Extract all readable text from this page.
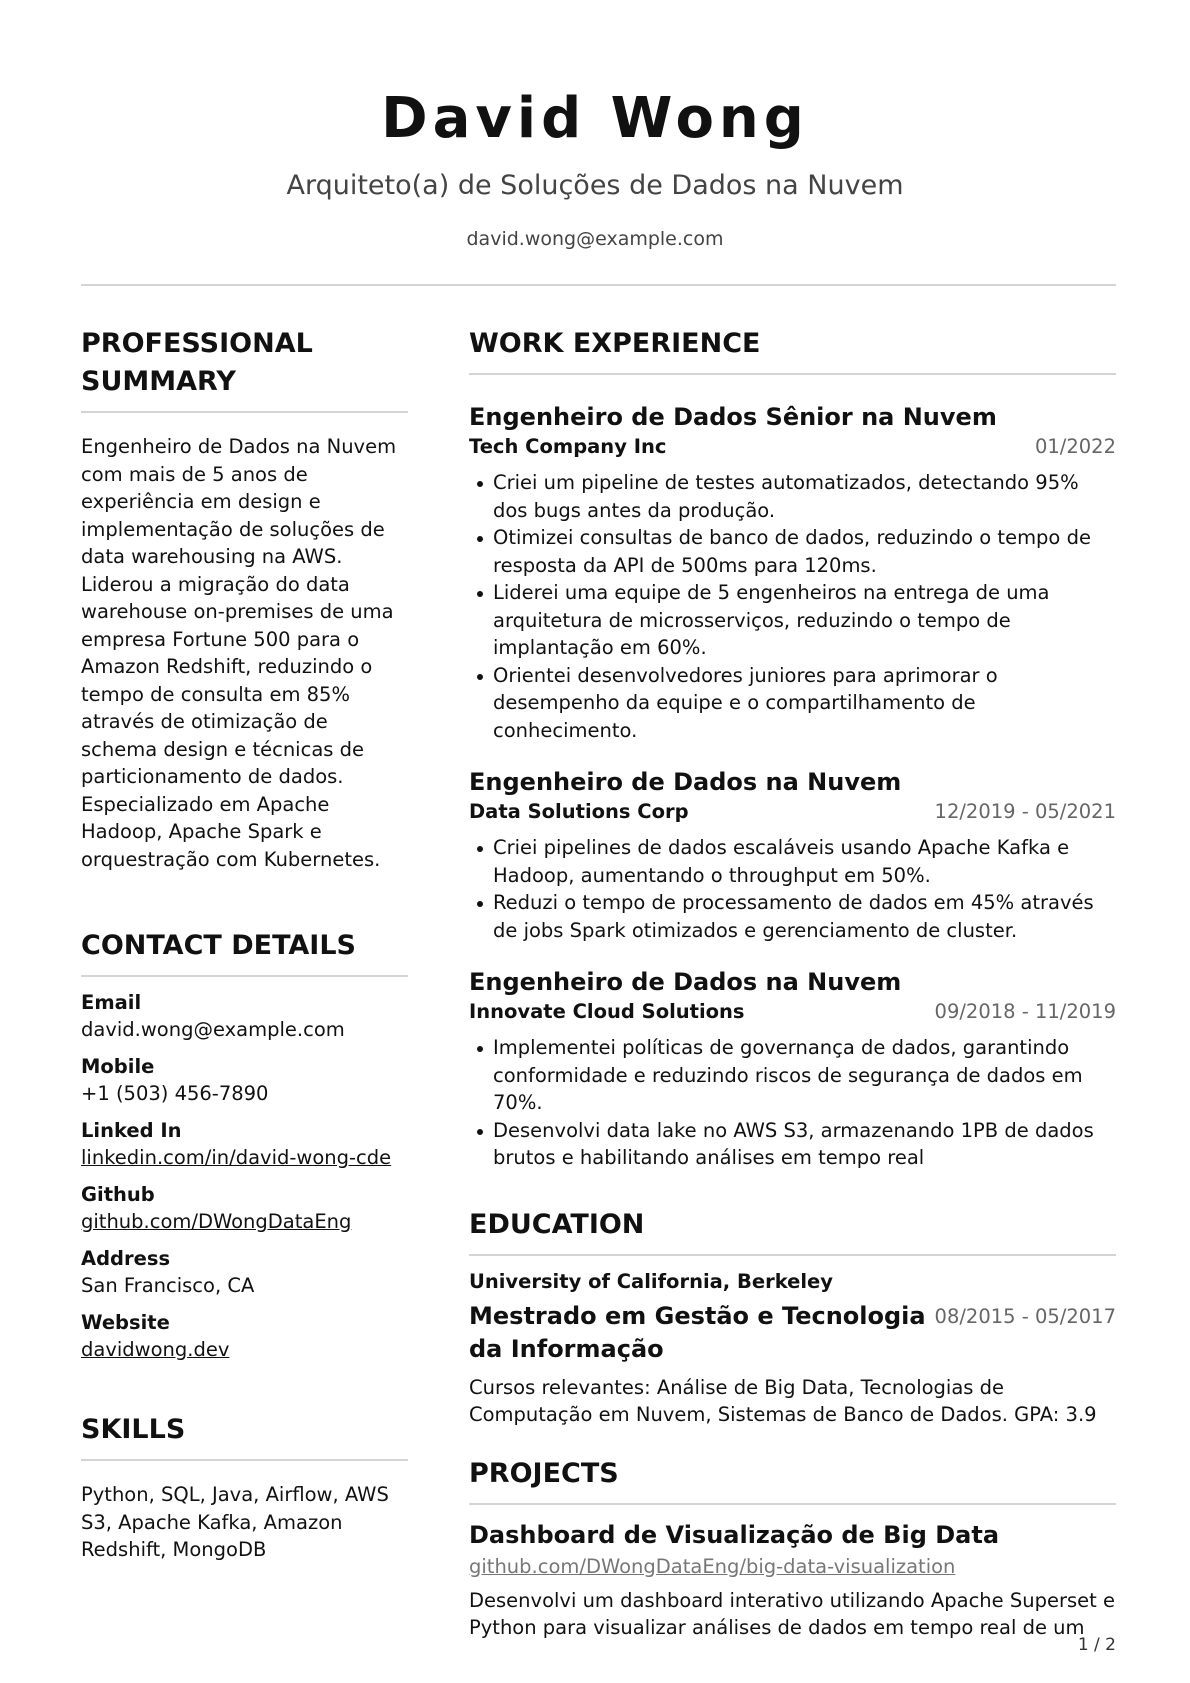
David Wong
Arquiteto(a) de Soluções de Dados na Nuvem
david.wong@example.com
PROFESSIONAL SUMMARY
Engenheiro de Dados na Nuvem com mais de 5 anos de experiência em design e implementação de soluções de data warehousing na AWS. Liderou a migração do data warehouse on-premises de uma empresa Fortune 500 para o Amazon Redshift, reduzindo o tempo de consulta em 85% através de otimização de schema design e técnicas de particionamento de dados. Especializado em Apache Hadoop, Apache Spark e orquestração com Kubernetes.
CONTACT DETAILS
Email
david.wong@example.com
Mobile
+1 (503) 456-7890
Linked In
linkedin.com/in/david-wong-cde
Github
github.com/DWongDataEng
Address
San Francisco, CA
Website
davidwong.dev
SKILLS
Python, SQL, Java, Airflow, AWS S3, Apache Kafka, Amazon Redshift, MongoDB
WORK EXPERIENCE
Engenheiro de Dados Sênior na Nuvem
Tech Company Inc	01/2022
Criei um pipeline de testes automatizados, detectando 95% dos bugs antes da produção.
Otimizei consultas de banco de dados, reduzindo o tempo de resposta da API de 500ms para 120ms.
Liderei uma equipe de 5 engenheiros na entrega de uma arquitetura de microsserviços, reduzindo o tempo de implantação em 60%.
Orientei desenvolvedores juniores para aprimorar o desempenho da equipe e o compartilhamento de conhecimento.
Engenheiro de Dados na Nuvem
Data Solutions Corp	12/2019 - 05/2021
Criei pipelines de dados escaláveis usando Apache Kafka e Hadoop, aumentando o throughput em 50%.
Reduzi o tempo de processamento de dados em 45% através de jobs Spark otimizados e gerenciamento de cluster.
Engenheiro de Dados na Nuvem
Innovate Cloud Solutions	09/2018 - 11/2019
Implementei políticas de governança de dados, garantindo conformidade e reduzindo riscos de segurança de dados em 70%.
Desenvolvi data lake no AWS S3, armazenando 1PB de dados brutos e habilitando análises em tempo real
EDUCATION
University of California, Berkeley
Mestrado em Gestão e Tecnologia da Informação
08/2015 - 05/2017
Cursos relevantes: Análise de Big Data, Tecnologias de Computação em Nuvem, Sistemas de Banco de Dados. GPA: 3.9
PROJECTS
Dashboard de Visualização de Big Data
github.com/DWongDataEng/big-data-visualization
Desenvolvi um dashboard interativo utilizando Apache Superset e Python para visualizar análises de dados em tempo real de um
1 / 2
